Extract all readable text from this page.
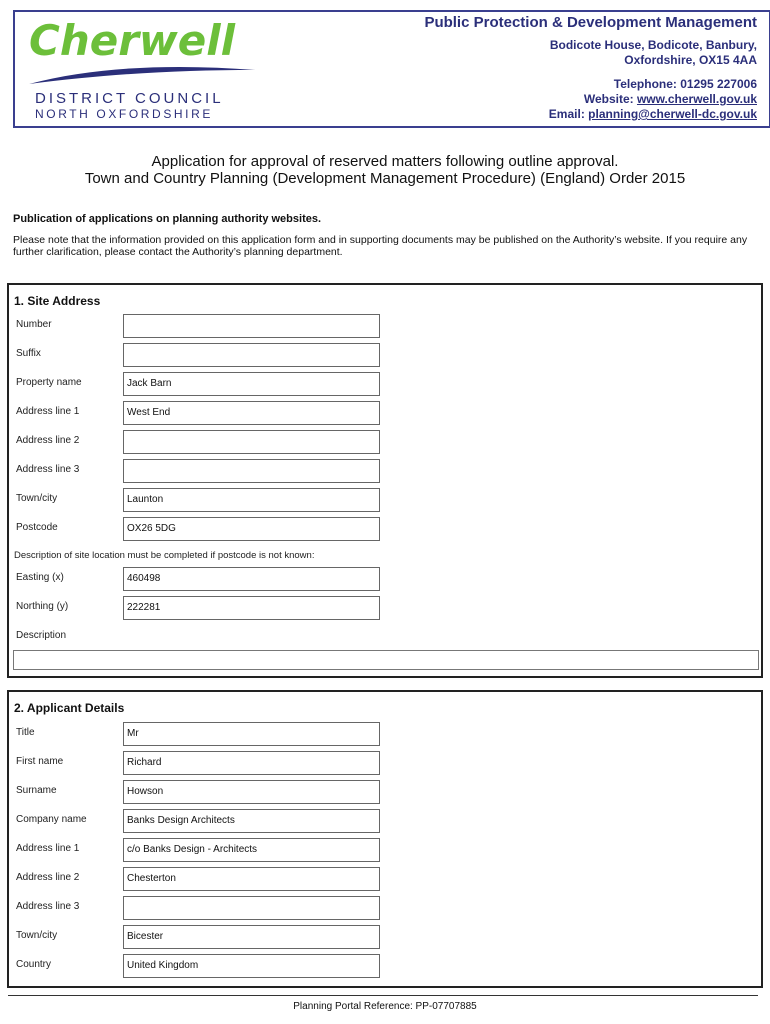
Cherwell
DISTRICT COUNCIL
NORTH OXFORDSHIRE
Public Protection & Development Management
Bodicote House, Bodicote, Banbury,
Oxfordshire, OX15 4AA
Telephone: 01295 227006
Website: www.cherwell.gov.uk
Email: planning@cherwell-dc.gov.uk
Application for approval of reserved matters following outline approval.
Town and Country Planning (Development Management Procedure) (England) Order 2015
Publication of applications on planning authority websites.
Please note that the information provided on this application form and in supporting documents may be published on the Authority’s website. If you require any further clarification, please contact the Authority’s planning department.
1. Site Address
Number
Suffix
Property name	Jack Barn
Address line 1	West End
Address line 2
Address line 3
Town/city	Launton
Postcode	OX26 5DG
Description of site location must be completed if postcode is not known:
Easting (x)	460498
Northing (y)	222281
Description
2. Applicant Details
Title	Mr
First name	Richard
Surname	Howson
Company name	Banks Design Architects
Address line 1	c/o Banks Design - Architects
Address line 2	Chesterton
Address line 3
Town/city	Bicester
Country	United Kingdom
Planning Portal Reference: PP-07707885
